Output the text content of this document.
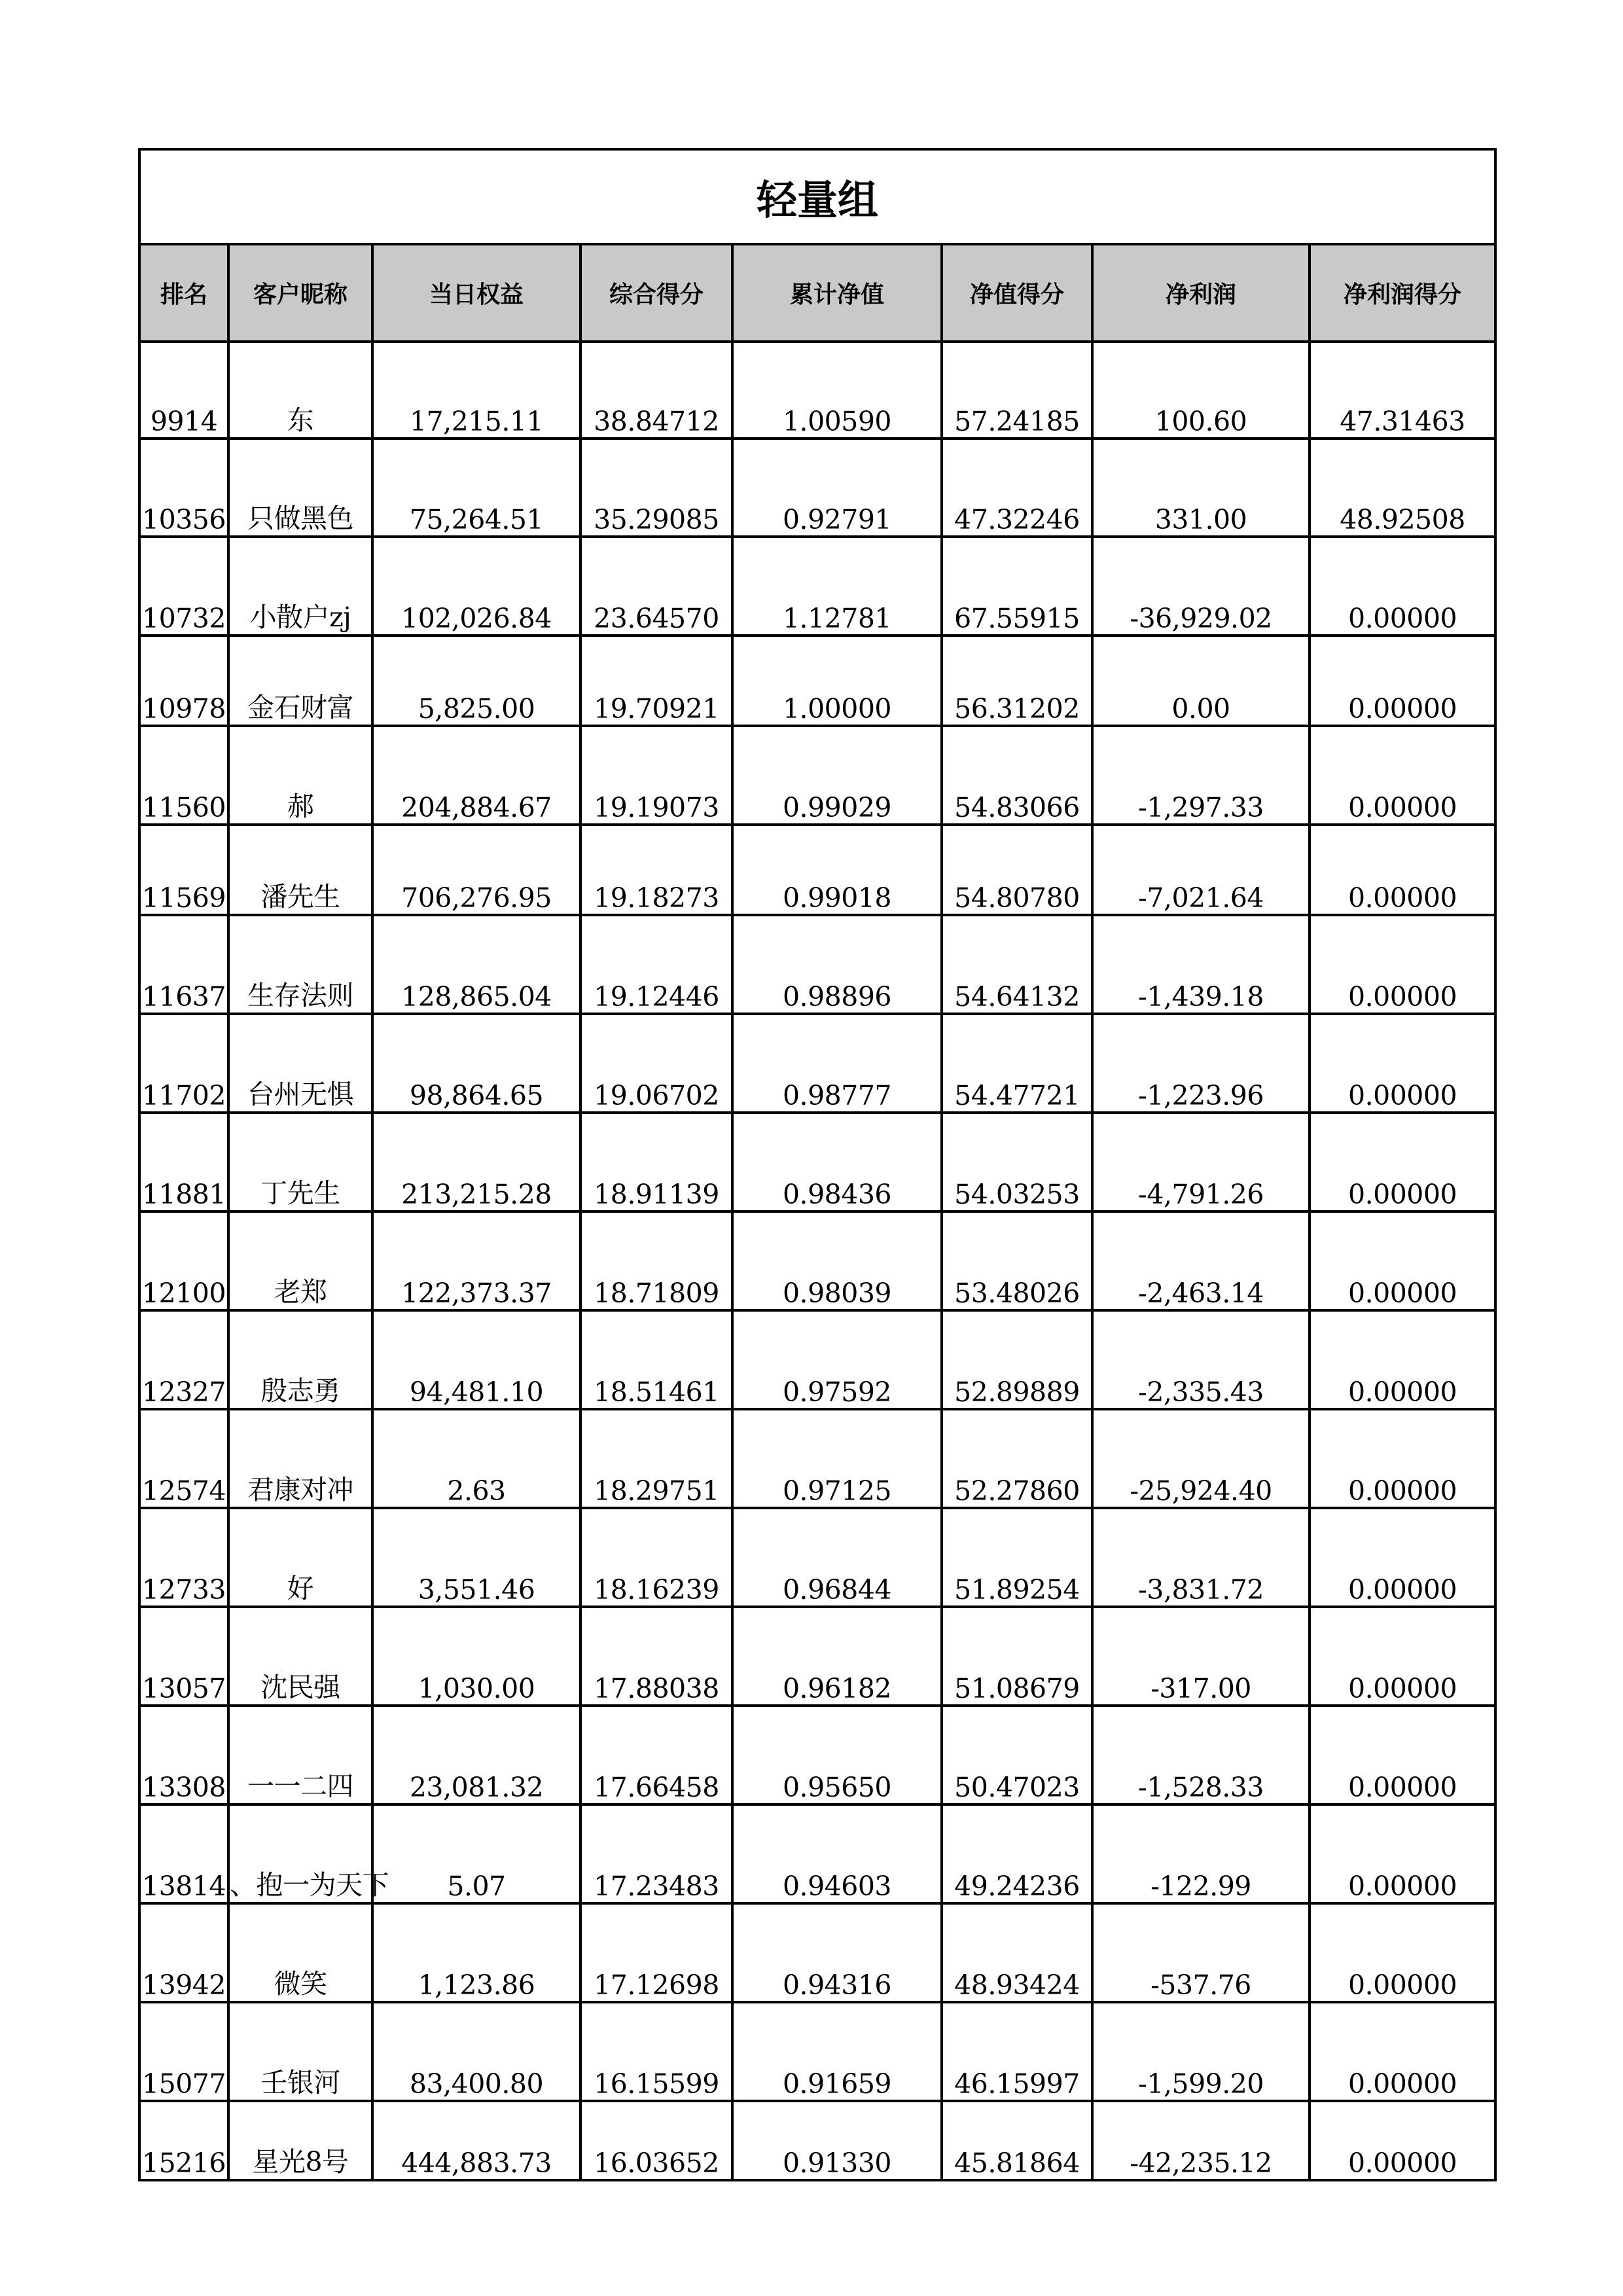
轻量组							
排名	客户昵称	当日权益	综合得分	累计净值	净值得分	净利润	净利润得分
9914	东	17,215.11	38.84712	1.00590	57.24185	100.60	47.31463
10356	只做黑色	75,264.51	35.29085	0.92791	47.32246	331.00	48.92508
10732	小散户zj	102,026.84	23.64570	1.12781	67.55915	-36,929.02	0.00000
10978	金石财富	5,825.00	19.70921	1.00000	56.31202	0.00	0.00000
11560	郝	204,884.67	19.19073	0.99029	54.83066	-1,297.33	0.00000
11569	潘先生	706,276.95	19.18273	0.99018	54.80780	-7,021.64	0.00000
11637	生存法则	128,865.04	19.12446	0.98896	54.64132	-1,439.18	0.00000
11702	台州无惧	98,864.65	19.06702	0.98777	54.47721	-1,223.96	0.00000
11881	丁先生	213,215.28	18.91139	0.98436	54.03253	-4,791.26	0.00000
12100	老郑	122,373.37	18.71809	0.98039	53.48026	-2,463.14	0.00000
12327	殷志勇	94,481.10	18.51461	0.97592	52.89889	-2,335.43	0.00000
12574	君康对冲	2.63	18.29751	0.97125	52.27860	-25,924.40	0.00000
12733	好	3,551.46	18.16239	0.96844	51.89254	-3,831.72	0.00000
13057	沈民强	1,030.00	17.88038	0.96182	51.08679	-317.00	0.00000
13308	一一二四	23,081.32	17.66458	0.95650	50.47023	-1,528.33	0.00000
13814	、抱一为天下	5.07	17.23483	0.94603	49.24236	-122.99	0.00000
13942	微笑	1,123.86	17.12698	0.94316	48.93424	-537.76	0.00000
15077	壬银河	83,400.80	16.15599	0.91659	46.15997	-1,599.20	0.00000
15216	星光8号	444,883.73	16.03652	0.91330	45.81864	-42,235.12	0.00000
